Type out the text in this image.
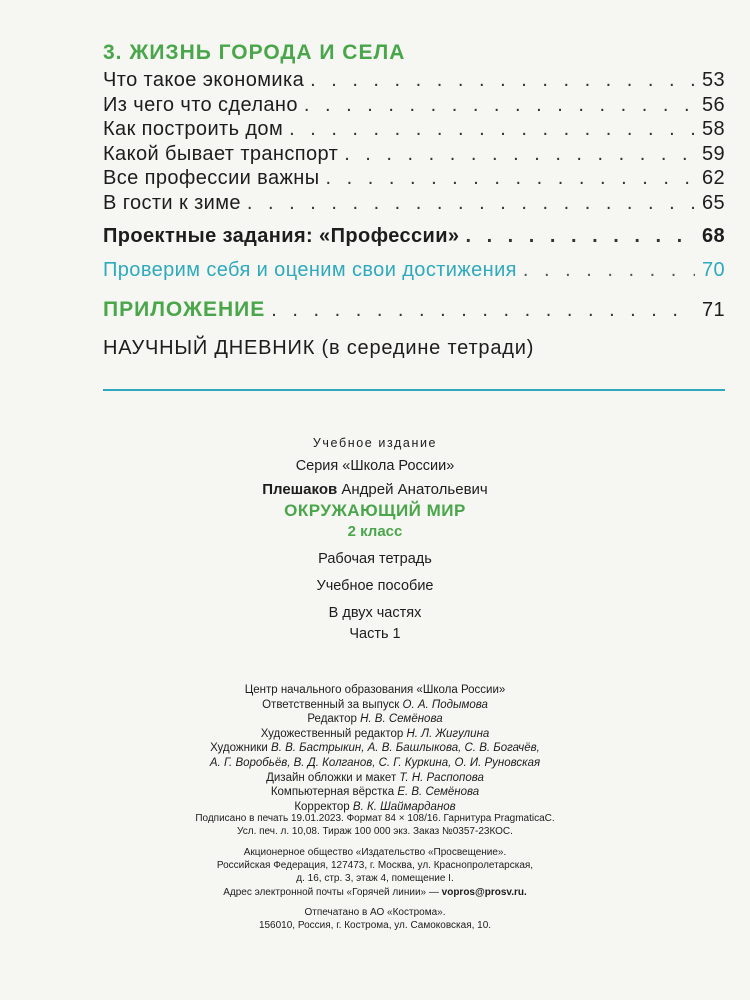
3. ЖИЗНЬ ГОРОДА И СЕЛА
Что такое экономика . . .	53
Из чего что сделано . . .	56
Как построить дом . . .	58
Какой бывает транспорт . . .	59
Все профессии важны . . .	62
В гости к зиме . . .	65
Проектные задания: «Профессии» . . .	68
Проверим себя и оценим свои достижения . . .	70
ПРИЛОЖЕНИЕ . . .	71
НАУЧНЫЙ ДНЕВНИК (в середине тетради)
Учебное издание
Серия «Школа России»
Плешаков Андрей Анатольевич
ОКРУЖАЮЩИЙ МИР
2 класс
Рабочая тетрадь
Учебное пособие
В двух частях
Часть 1
Центр начального образования «Школа России»
Ответственный за выпуск О. А. Подымова
Редактор Н. В. Семёнова
Художественный редактор Н. Л. Жигулина
Художники В. В. Бастрыкин, А. В. Башлыкова, С. В. Богачёв,
А. Г. Воробьёв, В. Д. Колганов, С. Г. Куркина, О. И. Руновская
Дизайн обложки и макет Т. Н. Распопова
Компьютерная вёрстка Е. В. Семёнова
Корректор В. К. Шаймарданов
Подписано в печать 19.01.2023. Формат 84 × 108/16. Гарнитура PragmaticaC.
Усл. печ. л. 10,08. Тираж 100 000 экз. Заказ №0357-23КОС.
Акционерное общество «Издательство «Просвещение».
Российская Федерация, 127473, г. Москва, ул. Краснопролетарская,
д. 16, стр. 3, этаж 4, помещение I.
Адрес электронной почты «Горячей линии» — vopros@prosv.ru.
Отпечатано в АО «Кострома».
156010, Россия, г. Кострома, ул. Самоковская, 10.
